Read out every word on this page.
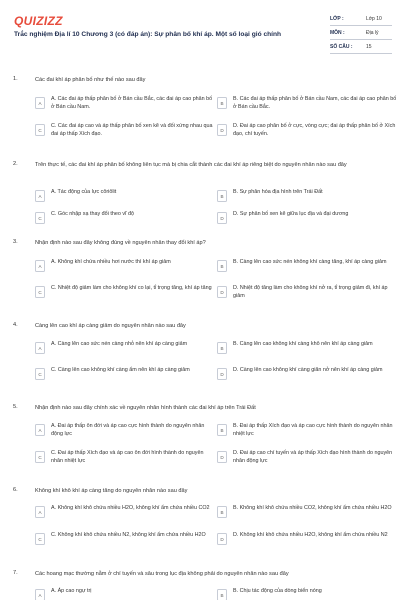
QUIZIZZ
Trắc nghiệm Địa lí 10 Chương 3 (có đáp án): Sự phân bố khí áp. Một số loại gió chính
LỚP :	Lớp 10
MÔN :	Địa lý
SỐ CÂU :	15
1.	Các đai khí áp phân bố như thế nào sau đây
A
A. Các đai áp thấp phân bố ở Bán cầu Bắc, các đai áp cao phân bố ở Bán cầu Nam.
B
B. Các đai áp thấp phân bố ở Bán cầu Nam, các đai áp cao phân bố ở Bán cầu Bắc.
C
C. Các đai áp cao và áp thấp phân bố xen kẽ và đối xứng nhau qua đai áp thấp Xích đạo.
D
D. Đai áp cao phân bố ở cực, vòng cực; đai áp thấp phân bố ở Xích đạo, chí tuyến.
2.	Trên thực tế, các đai khí áp phân bố không liên tục mà bị chia cắt thành các đai khí áp riêng biệt do nguyên nhân nào sau đây
A
A. Tác động của lực côriôlit
B
B. Sự phân hóa địa hình trên Trái Đất
C
C. Góc nhập xạ thay đổi theo vĩ độ
D
D. Sự phân bố xen kẽ giữa lục địa và đại dương
3.	Nhận định nào sau đây không đúng về nguyên nhân thay đổi khí áp?
A
A. Không khí chứa nhiều hơi nước thì khí áp giảm
B
B. Càng lên cao sức nén không khí càng tăng, khí áp càng giảm
C
C. Nhiệt độ giảm làm cho không khí co lại, tỉ trọng tăng, khí áp tăng
D
D. Nhiệt độ tăng làm cho không khí nở ra, tỉ trọng giảm đi, khí áp giảm
4.	Càng lên cao khí áp càng giảm do nguyên nhân nào sau đây
A
A. Càng lên cao sức nén càng nhỏ nên khí áp càng giảm
B
B. Càng lên cao không khí càng khô nên khí áp càng giảm
C
C. Càng lên cao không khí càng ẩm nên khí áp càng giảm
D
D. Càng lên cao không khí càng giãn nở nên khí áp càng giảm
5.	Nhận định nào sau đây chính xác về nguyên nhân hình thành các đai khí áp trên Trái Đất
A
A. Đai áp thấp ôn đới và áp cao cực hình thành do nguyên nhân động lực
B
B. Đai áp thấp Xích đạo và áp cao cực hình thành do nguyên nhân nhiệt lực
C
C. Đai áp thấp Xích đạo và áp cao ôn đới hình thành do nguyên nhân nhiệt lực
D
D. Đai áp cao chí tuyến và áp thấp Xích đạo hình thành do nguyên nhân động lực
6.	Không khí khô khí áp càng tăng do nguyên nhân nào sau đây
A
A. Không khí khô chứa nhiều H2O, không khí ẩm chứa nhiều CO2
B
B. Không khí khô chứa nhiều CO2, không khí ẩm chứa nhiều H2O
C
C. Không khí khô chứa nhiều N2, không khí ẩm chứa nhiều H2O
D
D. Không khí khô chứa nhiều H2O, không khí ẩm chứa nhiều N2
7.	Các hoang mạc thường nằm ở chí tuyến và sâu trong lục địa không phải do nguyên nhân nào sau đây
A
A. Áp cao ngự trị
B
B. Chịu tác động của dòng biển nóng
